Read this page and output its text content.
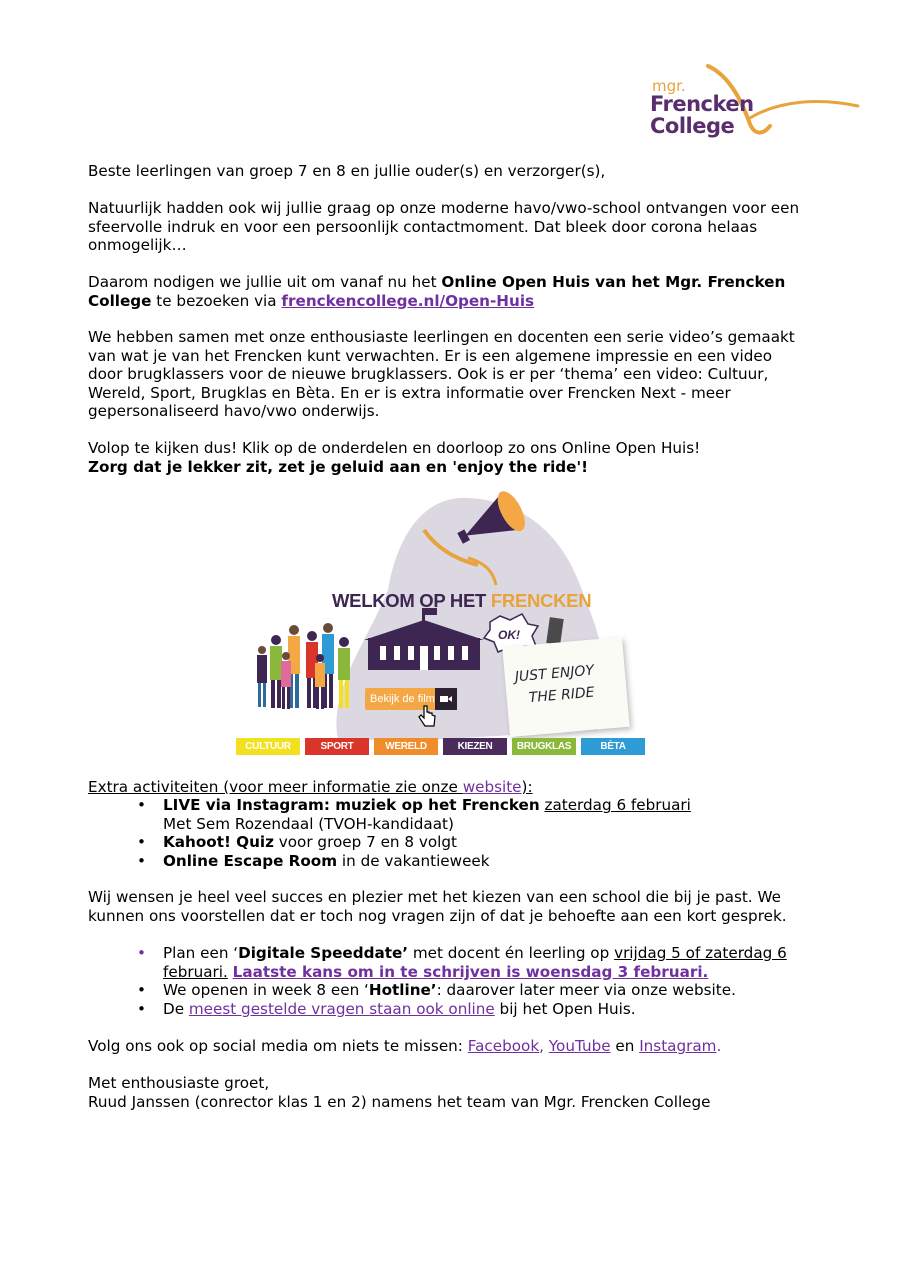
mgr.
Frencken
College

Beste leerlingen van groep 7 en 8 en jullie ouder(s) en verzorger(s),

Natuurlijk hadden ook wij jullie graag op onze moderne havo/vwo-school ontvangen voor een sfeervolle indruk en voor een persoonlijk contactmoment. Dat bleek door corona helaas onmogelijk…

Daarom nodigen we jullie uit om vanaf nu het Online Open Huis van het Mgr. Frencken College te bezoeken via frenckencollege.nl/Open-Huis

We hebben samen met onze enthousiaste leerlingen en docenten een serie video’s gemaakt van wat je van het Frencken kunt verwachten. Er is een algemene impressie en een video door brugklassers voor de nieuwe brugklassers. Ook is er per ‘thema’ een video: Cultuur, Wereld, Sport, Brugklas en Bèta. En er is extra informatie over Frencken Next - meer gepersonaliseerd havo/vwo onderwijs.

Volop te kijken dus! Klik op de onderdelen en doorloop zo ons Online Open Huis!
Zorg dat je lekker zit, zet je geluid aan en 'enjoy the ride'!

WELKOM OP HET FRENCKEN
OK!
JUST ENJOY
THE RIDE
Bekijk de film
CULTUUR	SPORT	WERELD	KIEZEN	BRUGKLAS	BÈTA

Extra activiteiten (voor meer informatie zie onze website):

• LIVE via Instagram: muziek op het Frencken zaterdag 6 februari
Met Sem Rozendaal (TVOH-kandidaat)
• Kahoot! Quiz voor groep 7 en 8 volgt
• Online Escape Room in de vakantieweek

Wij wensen je heel veel succes en plezier met het kiezen van een school die bij je past. We kunnen ons voorstellen dat er toch nog vragen zijn of dat je behoefte aan een kort gesprek.

• Plan een ‘Digitale Speeddate’ met docent én leerling op vrijdag 5 of zaterdag 6 februari. Laatste kans om in te schrijven is woensdag 3 februari.
• We openen in week 8 een ‘Hotline’: daarover later meer via onze website.
• De meest gestelde vragen staan ook online bij het Open Huis.

Volg ons ook op social media om niets te missen: Facebook, YouTube en Instagram.

Met enthousiaste groet,
Ruud Janssen (conrector klas 1 en 2) namens het team van Mgr. Frencken College
